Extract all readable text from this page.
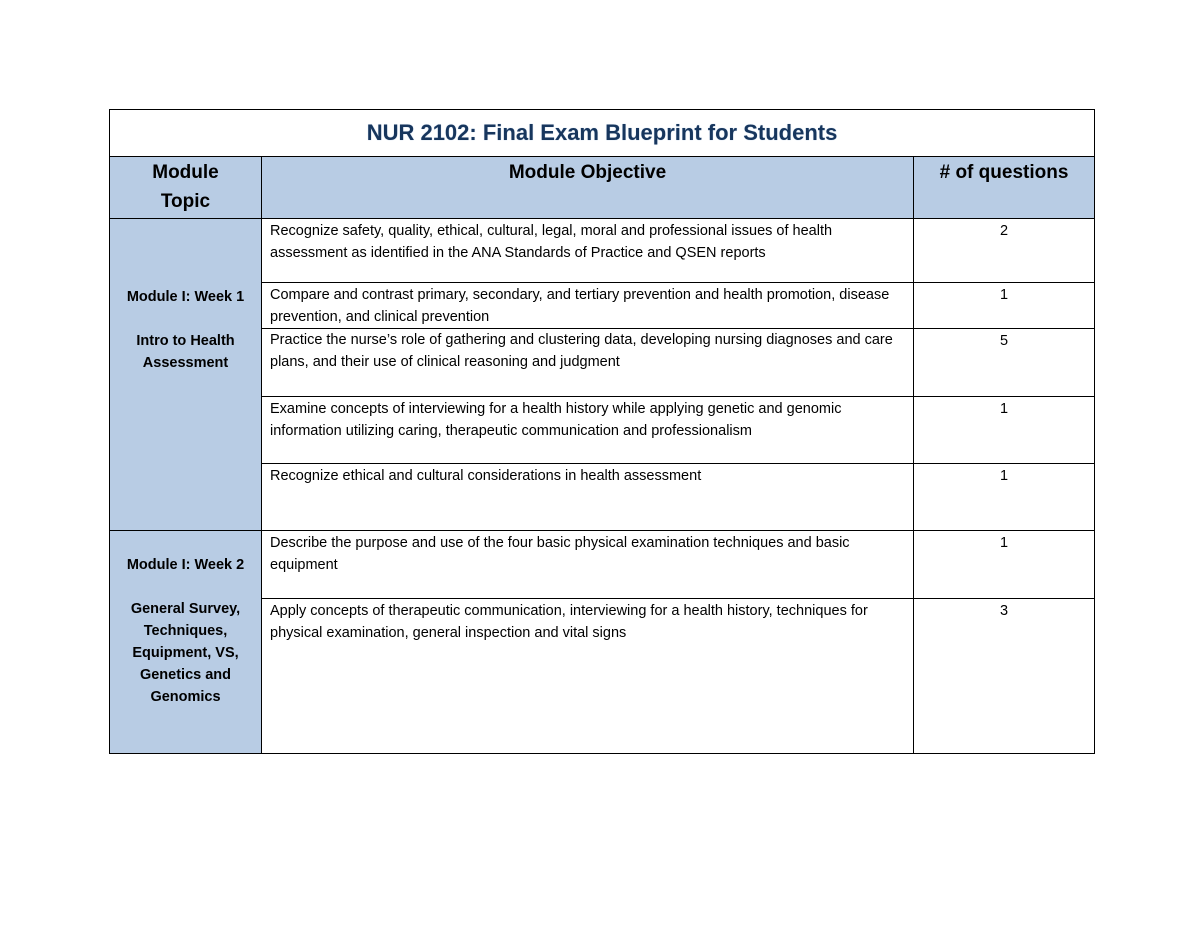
NUR 2102: Final Exam Blueprint for Students		
Module Topic	Module Objective	# of questions

Module I: Week 1
Intro to Health Assessment	Recognize safety, quality, ethical, cultural, legal, moral and professional issues of health assessment as identified in the ANA Standards of Practice and QSEN reports	2
	Compare and contrast primary, secondary, and tertiary prevention and health promotion, disease prevention, and clinical prevention	1
	Practice the nurse’s role of gathering and clustering data, developing nursing diagnoses and care plans, and their use of clinical reasoning and judgment	5
	Examine concepts of interviewing for a health history while applying genetic and genomic information utilizing caring, therapeutic communication and professionalism	1
	Recognize ethical and cultural considerations in health assessment	1

Module I: Week 2
General Survey, Techniques, Equipment, VS, Genetics and Genomics	Describe the purpose and use of the four basic physical examination techniques and basic equipment	1
	Apply concepts of therapeutic communication, interviewing for a health history, techniques for physical examination, general inspection and vital signs	3
